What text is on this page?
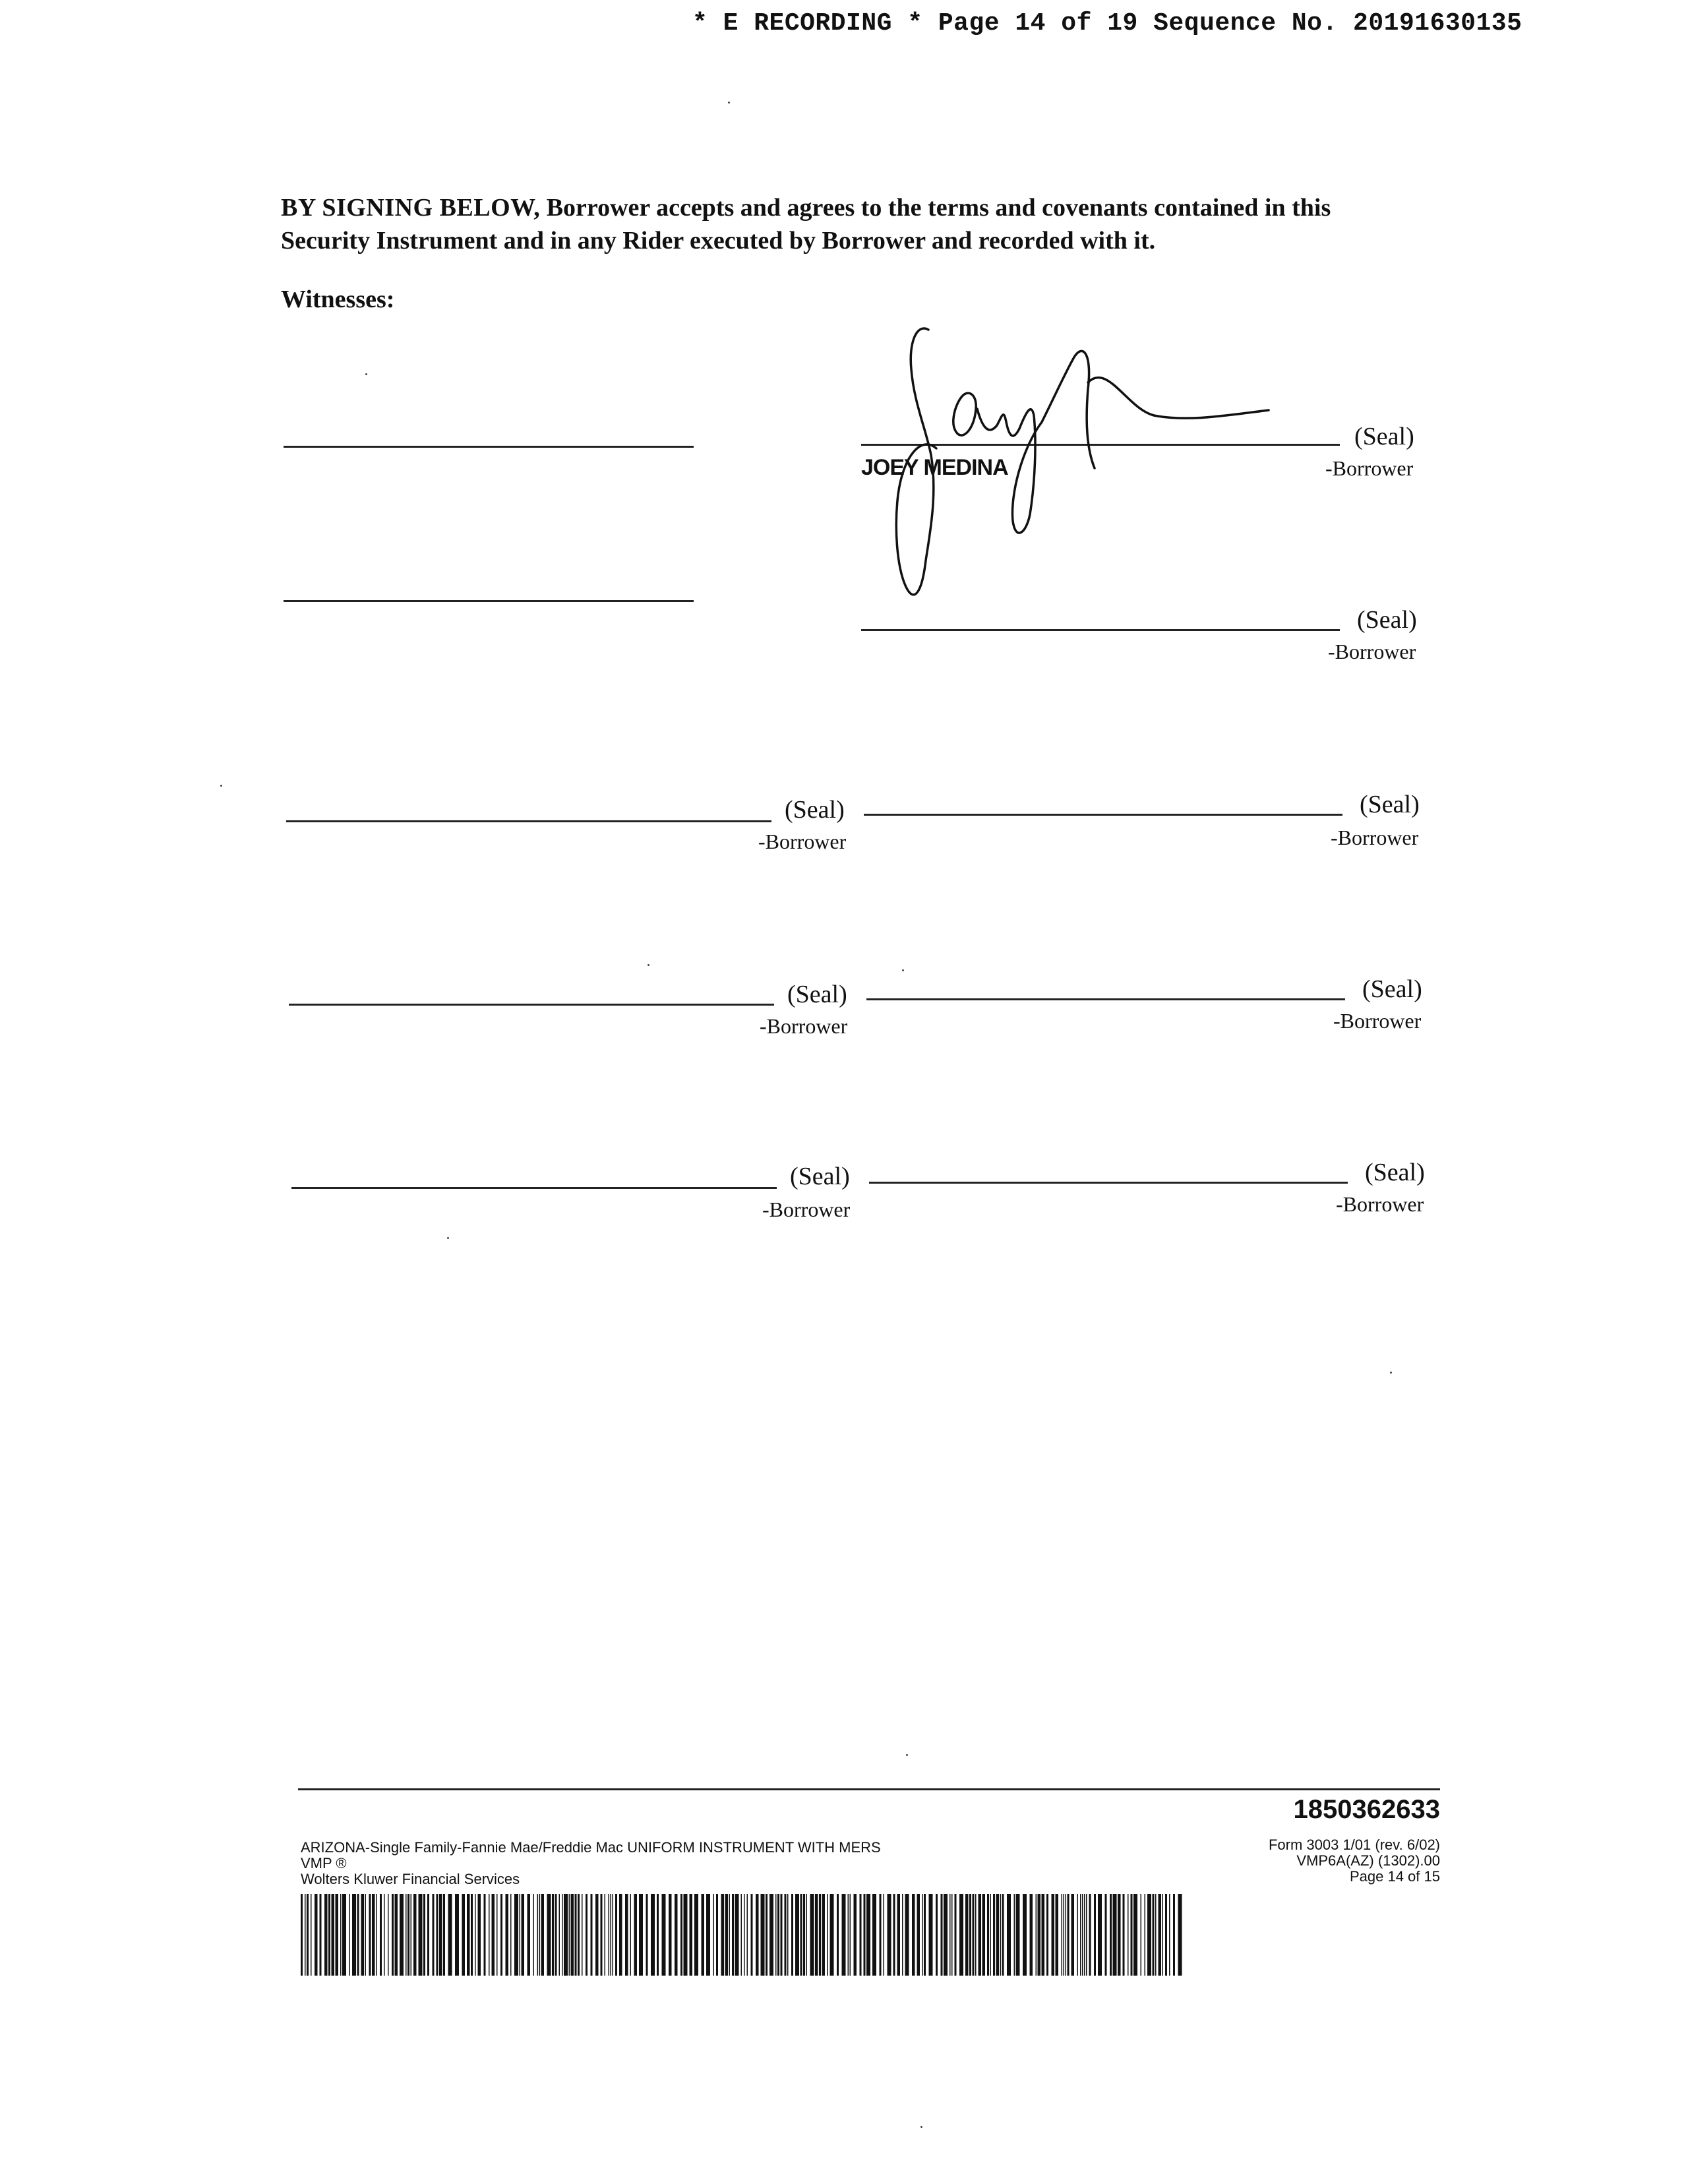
* E RECORDING * Page 14 of 19 Sequence No. 20191630135
BY SIGNING BELOW, Borrower accepts and agrees to the terms and covenants contained in this Security Instrument and in any Rider executed by Borrower and recorded with it.
Witnesses:
(Seal)
-Borrower
JOEY MEDINA
(Seal)
-Borrower
(Seal)
-Borrower
(Seal)
-Borrower
(Seal)
-Borrower
(Seal)
-Borrower
(Seal)
-Borrower
(Seal)
-Borrower
1850362633
ARIZONA-Single Family-Fannie Mae/Freddie Mac UNIFORM INSTRUMENT WITH MERS
VMP ®
Wolters Kluwer Financial Services
Form 3003 1/01 (rev. 6/02)
VMP6A(AZ) (1302).00
Page 14 of 15
